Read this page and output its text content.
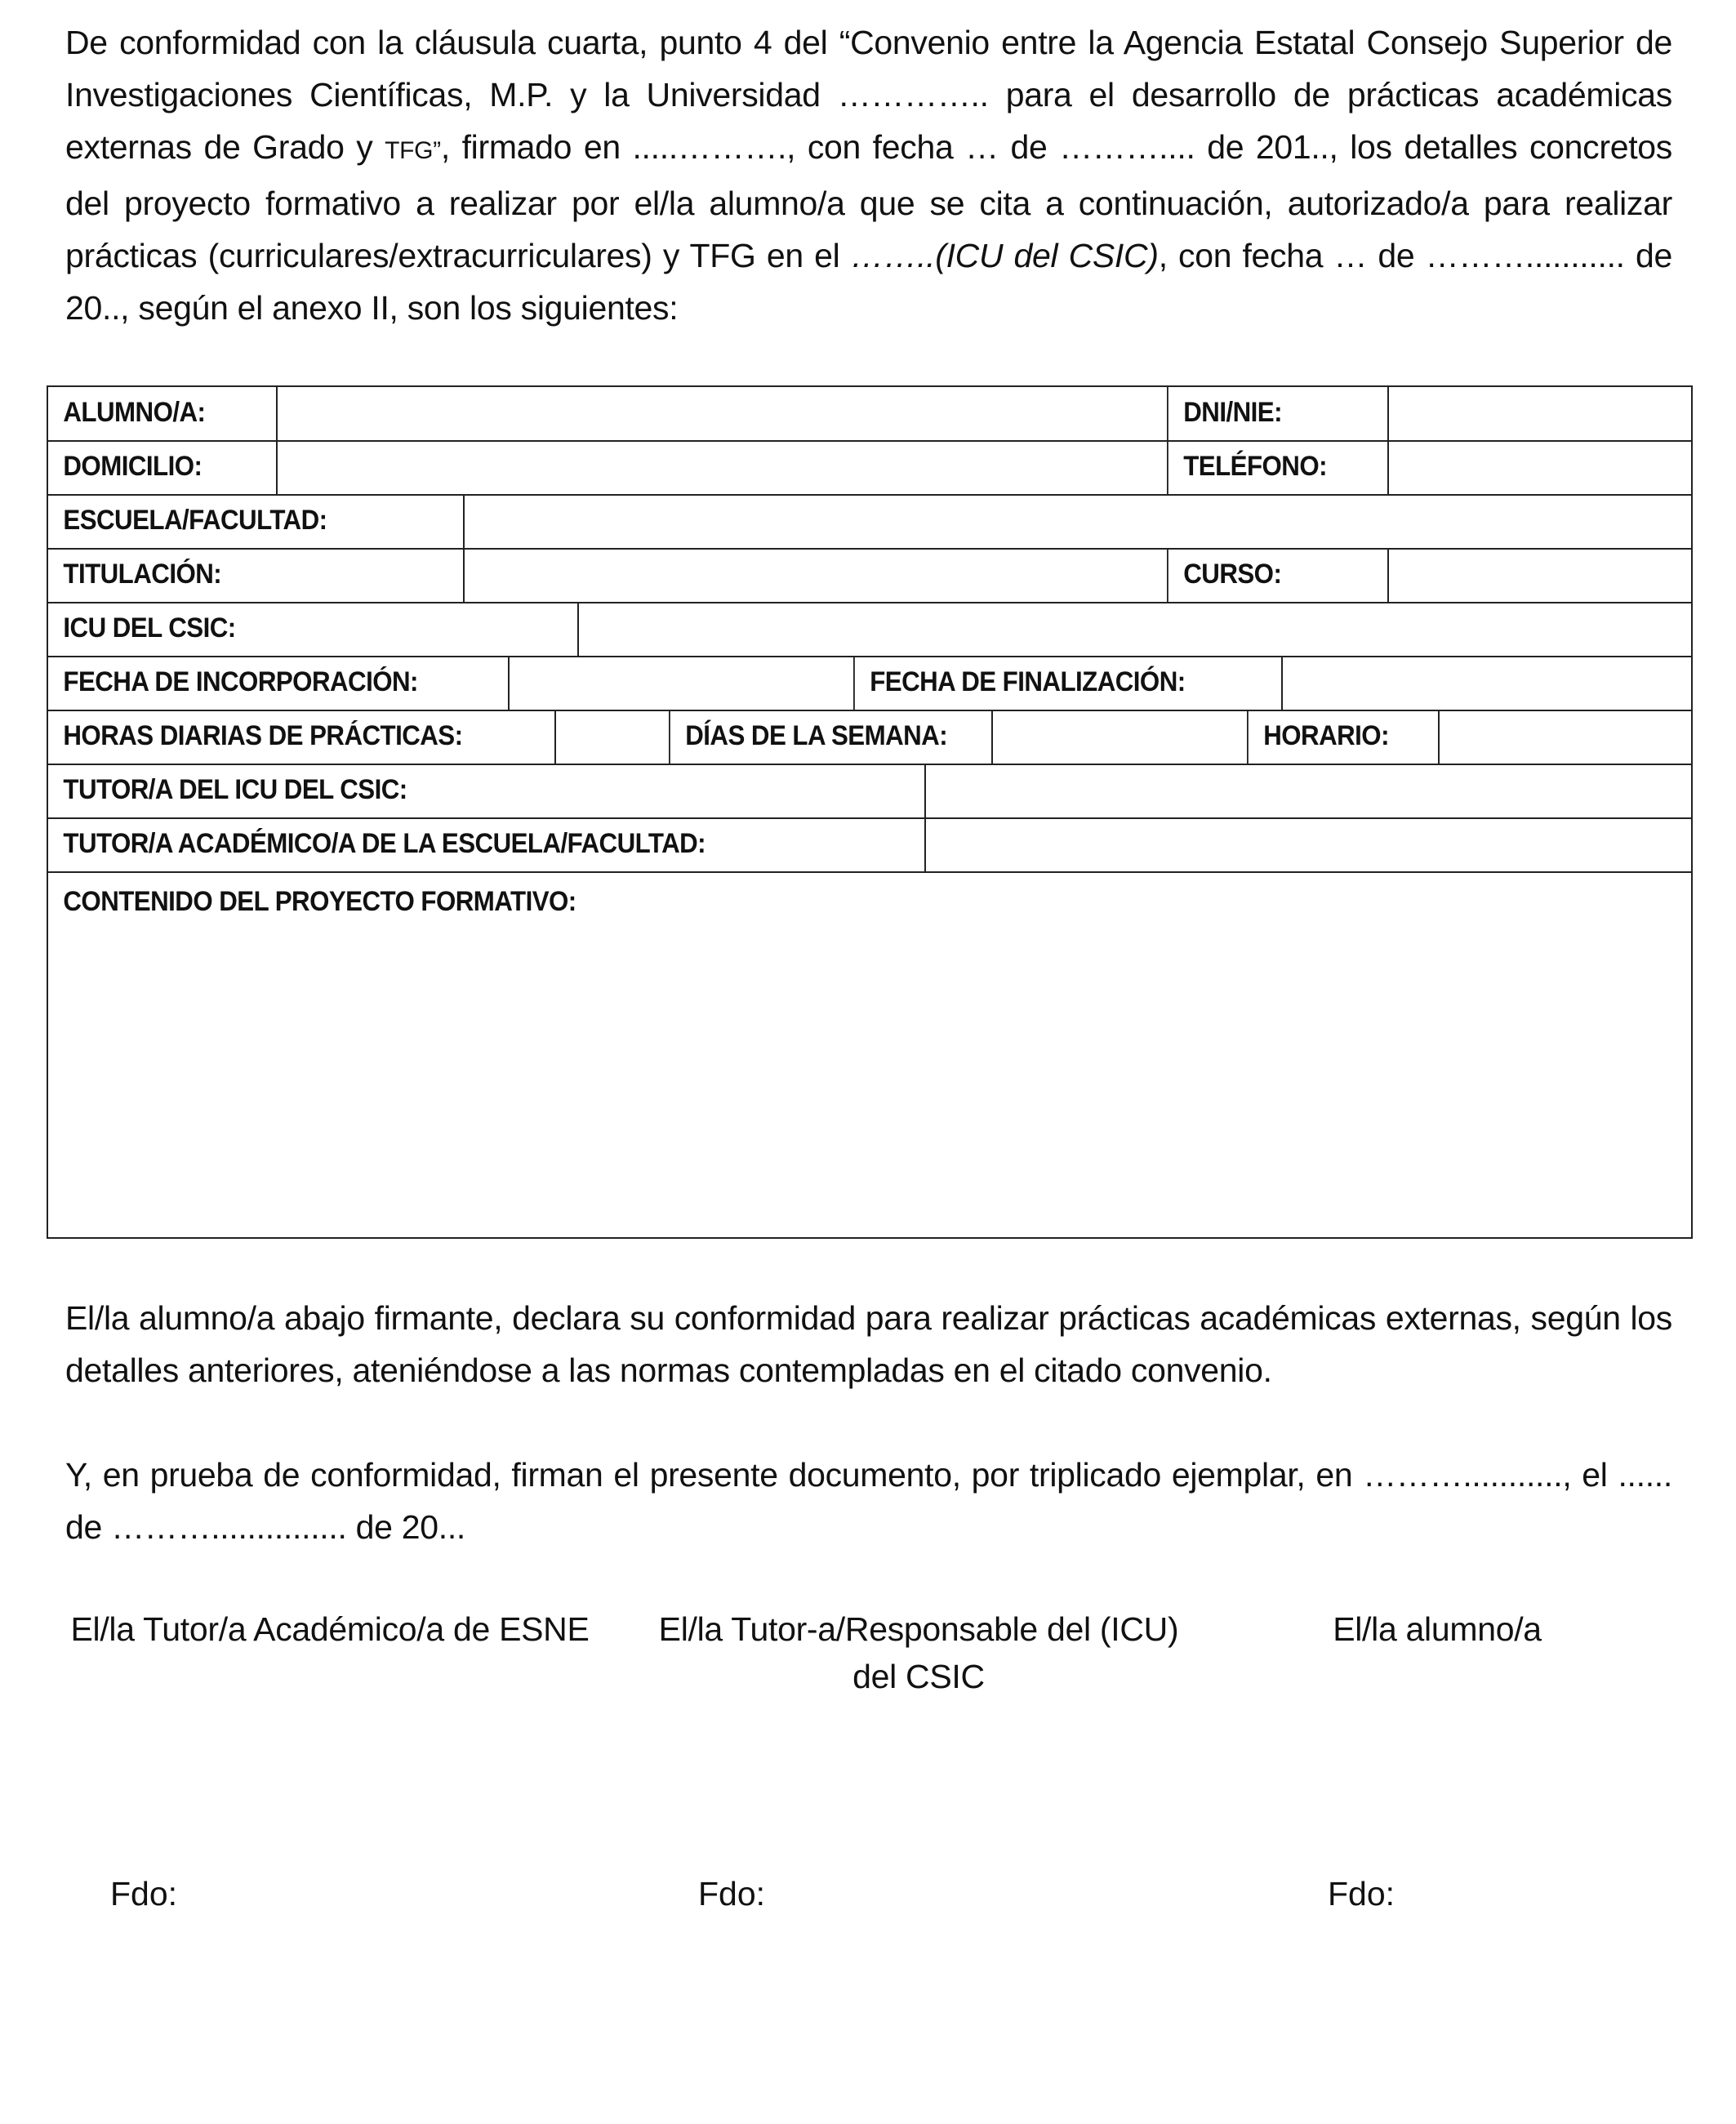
De conformidad con la cláusula cuarta, punto 4 del “Convenio entre la Agencia Estatal Consejo Superior de Investigaciones Científicas, M.P. y la Universidad ………….. para el desarrollo de prácticas académicas externas de Grado y TFG”, firmado en .....………., con fecha … de ……….... de 201.., los detalles concretos del proyecto formativo a realizar por el/la alumno/a que se cita a continuación, autorizado/a para realizar prácticas (curriculares/extracurriculares) y TFG en el ……..(ICU del CSIC), con fecha … de ………........... de 20.., según el anexo II, son los siguientes:

ALUMNO/A:	DNI/NIE:
DOMICILIO:	TELÉFONO:
ESCUELA/FACULTAD:
TITULACIÓN:	CURSO:
ICU DEL CSIC:
FECHA DE INCORPORACIÓN:	FECHA DE FINALIZACIÓN:
HORAS DIARIAS DE PRÁCTICAS:	DÍAS DE LA SEMANA:	HORARIO:
TUTOR/A DEL ICU DEL CSIC:
TUTOR/A ACADÉMICO/A DE LA ESCUELA/FACULTAD:
CONTENIDO DEL PROYECTO FORMATIVO:

El/la alumno/a abajo firmante, declara su conformidad para realizar prácticas académicas externas, según los detalles anteriores, ateniéndose a las normas contempladas en el citado convenio.

Y, en prueba de conformidad, firman el presente documento, por triplicado ejemplar, en ………..........., el ...... de ………............... de 20...

El/la Tutor/a Académico/a de ESNE	El/la Tutor-a/Responsable del (ICU)
del CSIC
El/la alumno/a
Fdo:	Fdo:	Fdo:
